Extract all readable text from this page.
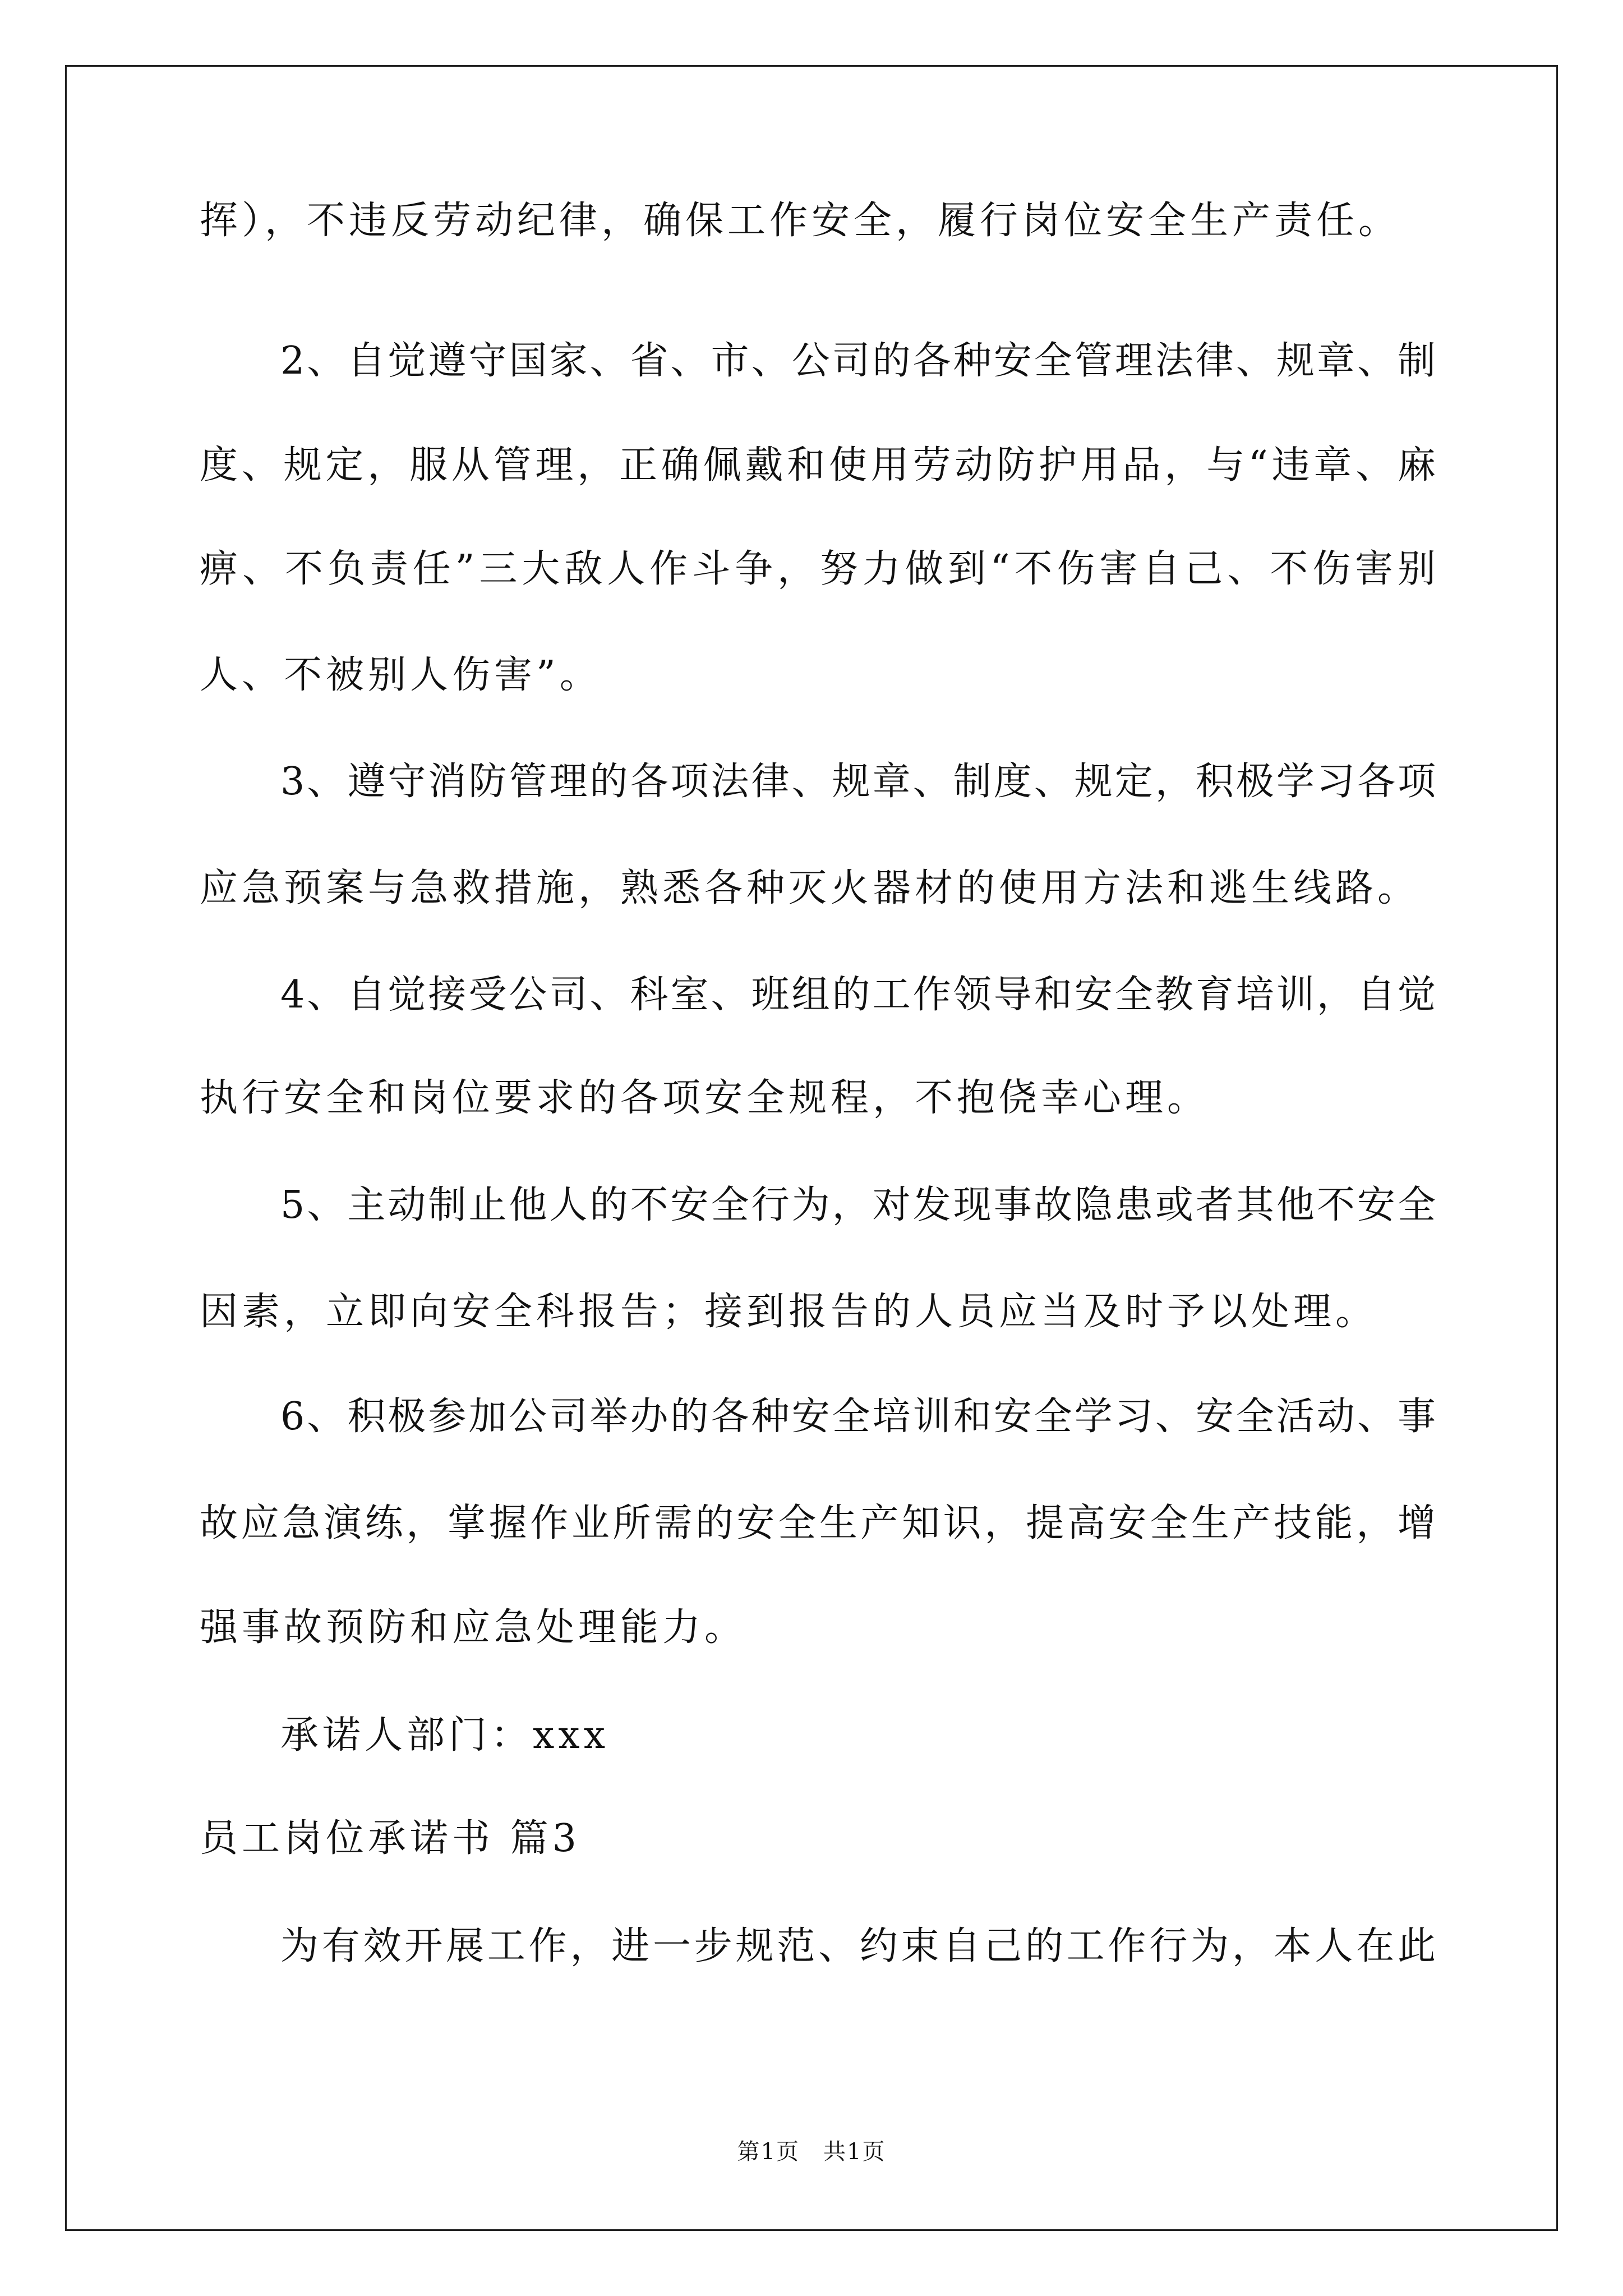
挥），不违反劳动纪律，确保工作安全，履行岗位安全生产责任。
2、自觉遵守国家、省、市、公司的各种安全管理法律、规章、制
度、规定，服从管理，正确佩戴和使用劳动防护用品，与“违章、麻
痹、不负责任”三大敌人作斗争，努力做到“不伤害自己、不伤害别
人、不被别人伤害”。
3、遵守消防管理的各项法律、规章、制度、规定，积极学习各项
应急预案与急救措施，熟悉各种灭火器材的使用方法和逃生线路。
4、自觉接受公司、科室、班组的工作领导和安全教育培训，自觉
执行安全和岗位要求的各项安全规程，不抱侥幸心理。
5、主动制止他人的不安全行为，对发现事故隐患或者其他不安全
因素，立即向安全科报告；接到报告的人员应当及时予以处理。
6、积极参加公司举办的各种安全培训和安全学习、安全活动、事
故应急演练，掌握作业所需的安全生产知识，提高安全生产技能，增
强事故预防和应急处理能力。
承诺人部门：xxx
员工岗位承诺书 篇3
为有效开展工作，进一步规范、约束自己的工作行为，本人在此
第1页　共1页
